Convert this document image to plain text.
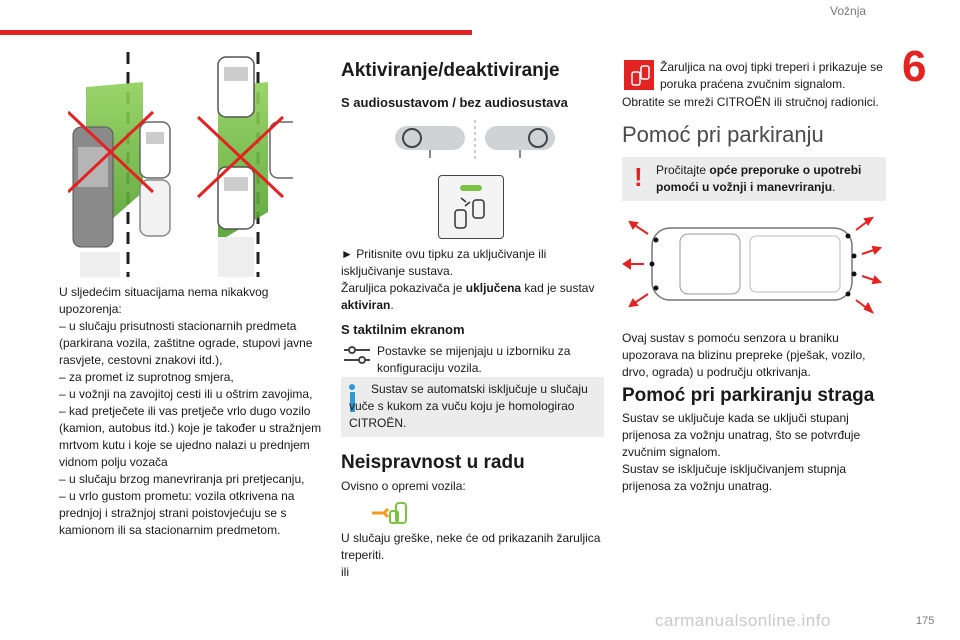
Vožnja
6
U sljedećim situacijama nema nikakvog upozorenja:
– u slučaju prisutnosti stacionarnih predmeta (parkirana vozila, zaštitne ograde, stupovi javne rasvjete, cestovni znakovi itd.),
– za promet iz suprotnog smjera,
– u vožnji na zavojitoj cesti ili u oštrim zavojima,
– kad pretječete ili vas pretječe vrlo dugo vozilo (kamion, autobus itd.) koje je također u stražnjem mrtvom kutu i koje se ujedno nalazi u prednjem vidnom polju vozača
– u slučaju brzog manevriranja pri pretjecanju,
– u vrlo gustom prometu: vozila otkrivena na prednjoj i stražnjoj strani poistovjećuju se s kamionom ili sa stacionarnim predmetom.
Aktiviranje/deaktiviranje
S audiosustavom / bez audiosustava
► Pritisnite ovu tipku za uključivanje ili isključivanje sustava.
Žaruljica pokazivača je uključena kad je sustav aktiviran.
S taktilnim ekranom
Postavke se mijenjaju u izborniku za konfiguraciju vozila.
Sustav se automatski isključuje u slučaju vuče s kukom za vuču koju je homologirao CITROËN.
Neispravnost u radu
Ovisno o opremi vozila:
U slučaju greške, neke će od prikazanih žaruljica treperiti.
ili
Žaruljica na ovoj tipki treperi i prikazuje se poruka praćena zvučnim signalom.
Obratite se mreži CITROËN ili stručnoj radionici.
Pomoć pri parkiranju
! Pročitajte opće preporuke o upotrebi pomoći u vožnji i manevriranju.
Ovaj sustav s pomoću senzora u braniku upozorava na blizinu prepreke (pješak, vozilo, drvo, ograda) u području otkrivanja.
Pomoć pri parkiranju straga
Sustav se uključuje kada se uključi stupanj prijenosa za vožnju unatrag, što se potvrđuje zvučnim signalom.
Sustav se isključuje isključivanjem stupnja prijenosa za vožnju unatrag.
carmanualsonline.info	175
